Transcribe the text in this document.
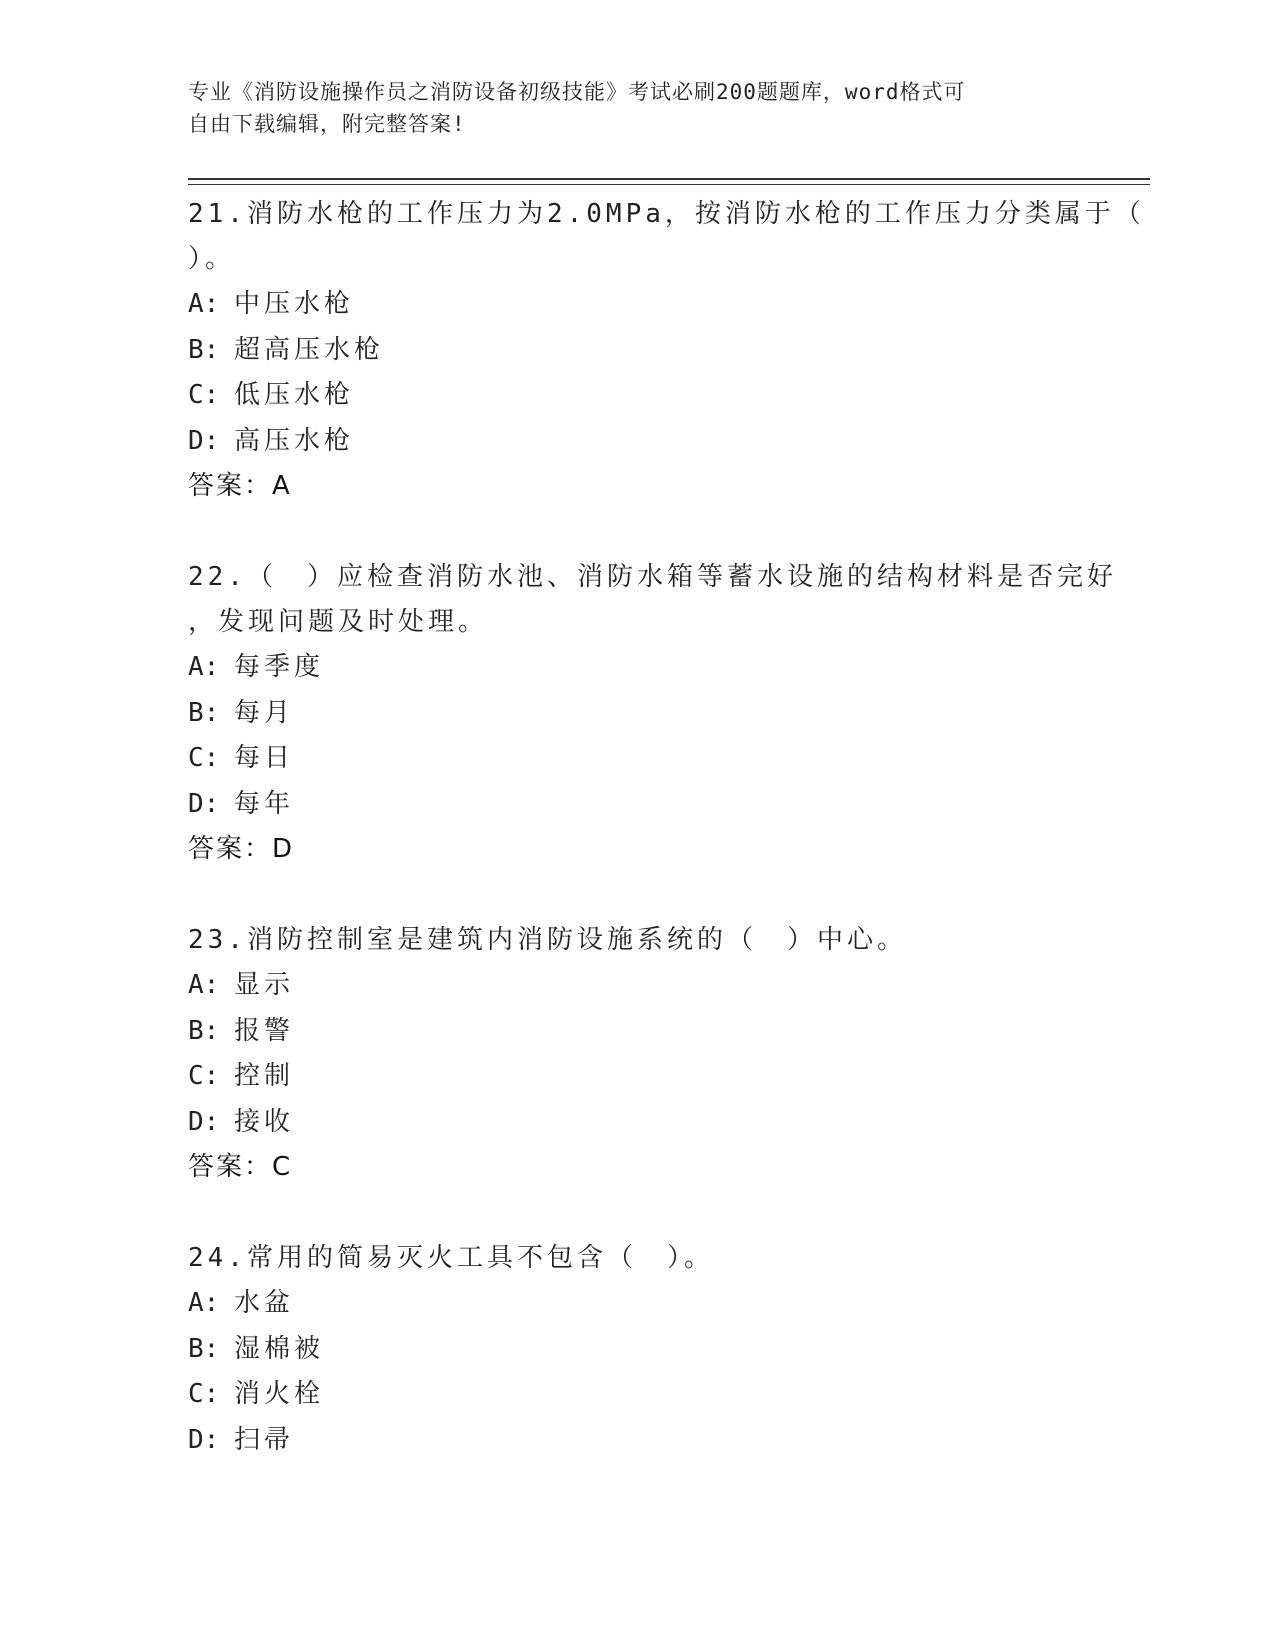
专业《消防设施操作员之消防设备初级技能》考试必刷200题题库，word格式可
自由下载编辑，附完整答案!
21.消防水枪的工作压力为2.0MPa，按消防水枪的工作压力分类属于（
）。
A: 中压水枪
B: 超高压水枪
C: 低压水枪
D: 高压水枪
答案：A
22.（　）应检查消防水池、消防水箱等蓄水设施的结构材料是否完好
，发现问题及时处理。
A: 每季度
B: 每月
C: 每日
D: 每年
答案：D
23.消防控制室是建筑内消防设施系统的（　）中心。
A: 显示
B: 报警
C: 控制
D: 接收
答案：C
24.常用的简易灭火工具不包含（　）。
A: 水盆
B: 湿棉被
C: 消火栓
D: 扫帚
